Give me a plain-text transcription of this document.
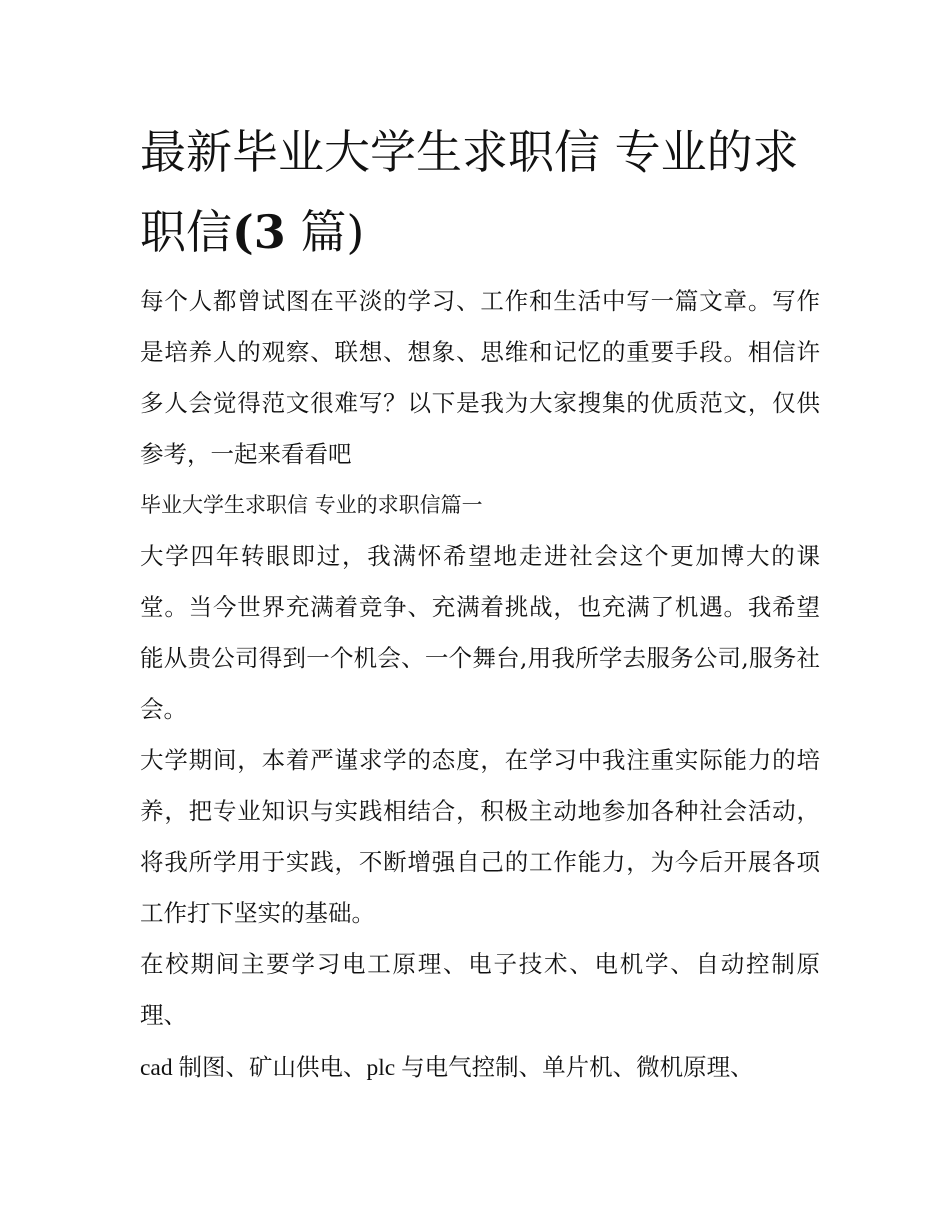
最新毕业大学生求职信 专业的求职信(3 篇)

每个人都曾试图在平淡的学习、工作和生活中写一篇文章。写作是培养人的观察、联想、想象、思维和记忆的重要手段。相信许多人会觉得范文很难写？以下是我为大家搜集的优质范文，仅供参考，一起来看看吧

毕业大学生求职信 专业的求职信篇一

大学四年转眼即过，我满怀希望地走进社会这个更加博大的课堂。当今世界充满着竞争、充满着挑战，也充满了机遇。我希望能从贵公司得到一个机会、一个舞台,用我所学去服务公司,服务社会。

大学期间，本着严谨求学的态度，在学习中我注重实际能力的培养，把专业知识与实践相结合，积极主动地参加各种社会活动，将我所学用于实践，不断增强自己的工作能力，为今后开展各项工作打下坚实的基础。

在校期间主要学习电工原理、电子技术、电机学、自动控制原理、

cad 制图、矿山供电、plc 与电气控制、单片机、微机原理、
